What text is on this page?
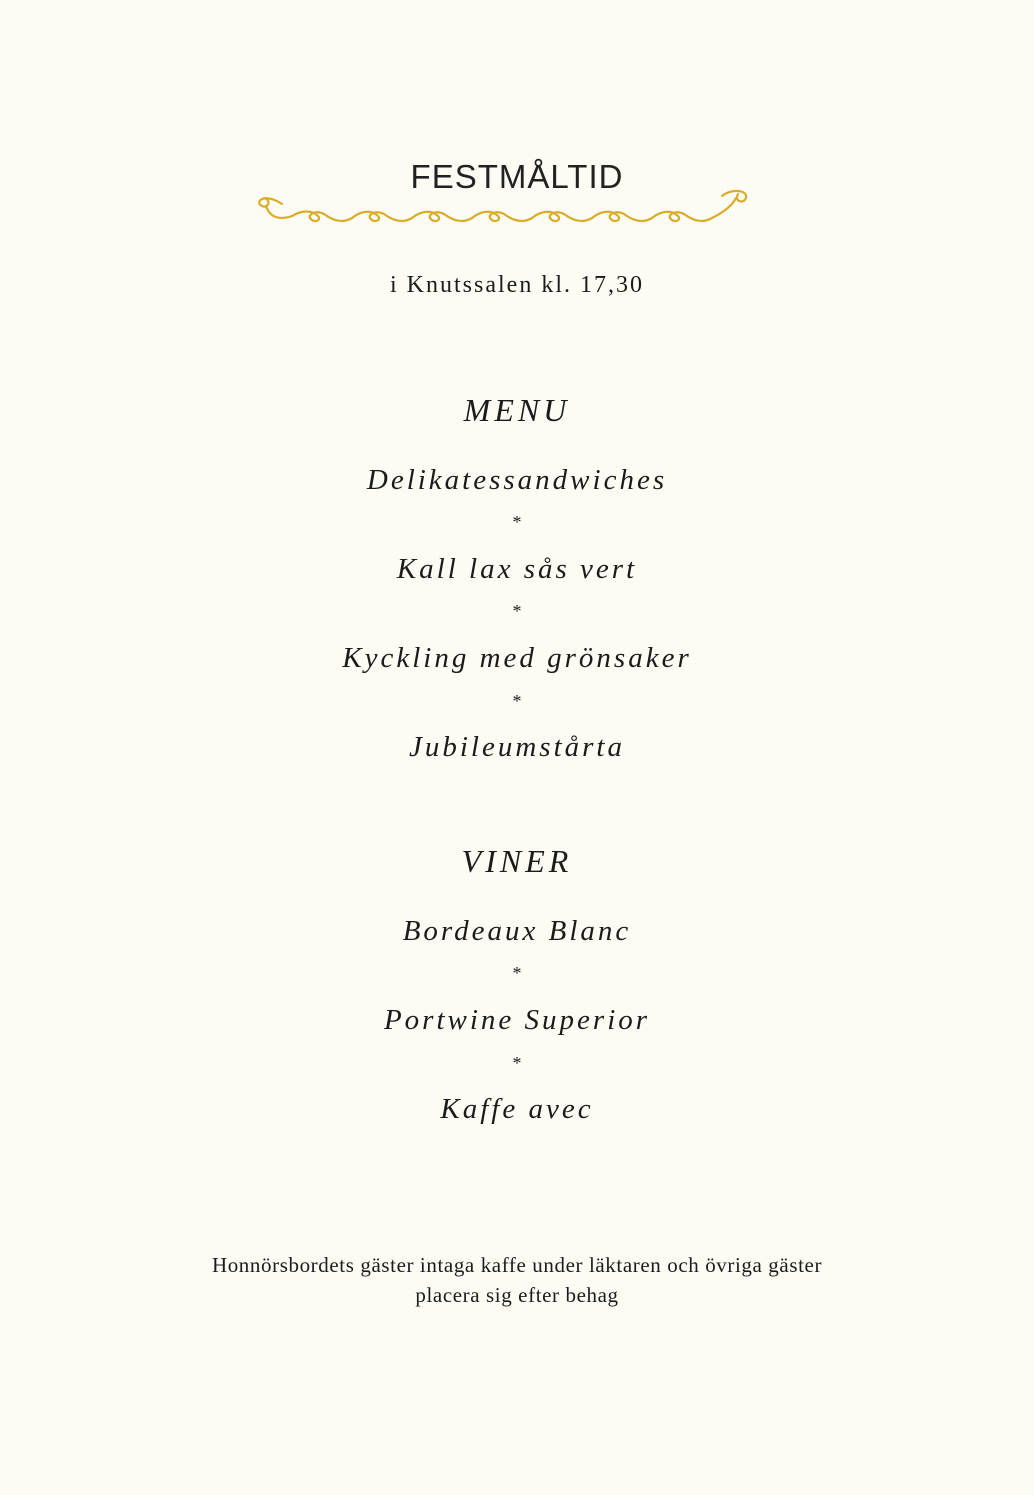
FESTMÅLTID
i Knutssalen kl. 17,30
MENU
Delikatessandwiches
*
Kall lax sås vert
*
Kyckling med grönsaker
*
Jubileumstårta
VINER
Bordeaux Blanc
*
Portwine Superior
*
Kaffe avec
Honnörsbordets gäster intaga kaffe under läktaren och övriga gäster
placera sig efter behag
